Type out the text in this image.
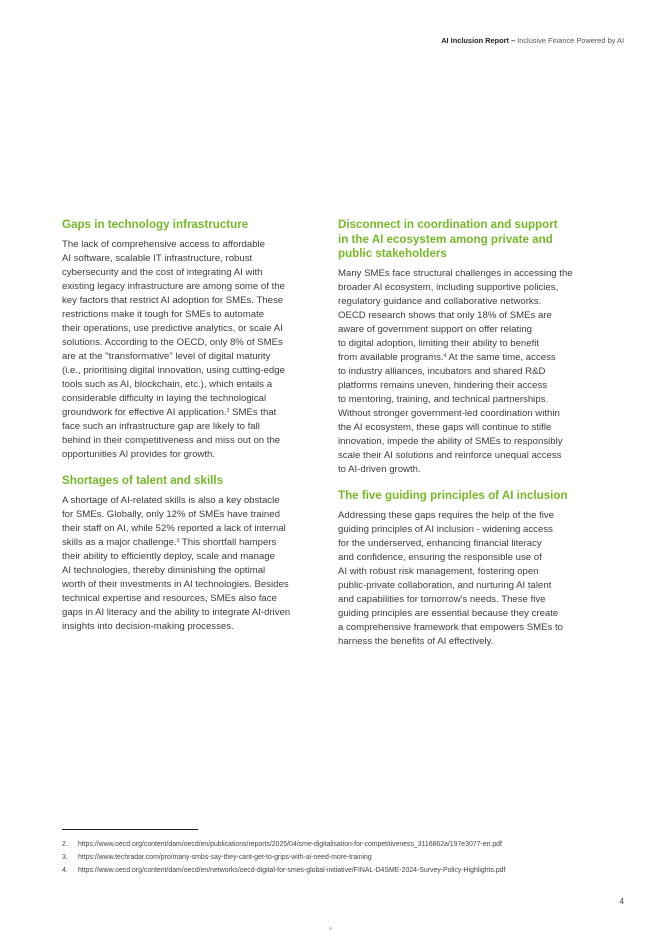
AI Inclusion Report – Inclusive Finance Powered by AI
Gaps in technology infrastructure

The lack of comprehensive access to affordable
AI software, scalable IT infrastructure, robust
cybersecurity and the cost of integrating AI with
existing legacy infrastructure are among some of the
key factors that restrict AI adoption for SMEs. These
restrictions make it tough for SMEs to automate
their operations, use predictive analytics, or scale AI
solutions. According to the OECD, only 8% of SMEs
are at the "transformative" level of digital maturity
(i.e., prioritising digital innovation, using cutting-edge
tools such as AI, blockchain, etc.), which entails a
considerable difficulty in laying the technological
groundwork for effective AI application.$^2$ SMEs that
face such an infrastructure gap are likely to fall
behind in their competitiveness and miss out on the
opportunities AI provides for growth.

Shortages of talent and skills

A shortage of AI-related skills is also a key obstacle
for SMEs. Globally, only 12% of SMEs have trained
their staff on AI, while 52% reported a lack of internal
skills as a major challenge.$^3$ This shortfall hampers
their ability to efficiently deploy, scale and manage
AI technologies, thereby diminishing the optimal
worth of their investments in AI technologies. Besides
technical expertise and resources, SMEs also face
gaps in AI literacy and the ability to integrate AI-driven
insights into decision-making processes.

Disconnect in coordination and support
in the AI ecosystem among private and
public stakeholders

Many SMEs face structural challenges in accessing the
broader AI ecosystem, including supportive policies,
regulatory guidance and collaborative networks.
OECD research shows that only 18% of SMEs are
aware of government support on offer relating
to digital adoption, limiting their ability to benefit
from available programs.$^4$ At the same time, access
to industry alliances, incubators and shared R&D
platforms remains uneven, hindering their access
to mentoring, training, and technical partnerships.
Without stronger government-led coordination within
the AI ecosystem, these gaps will continue to stifle
innovation, impede the ability of SMEs to responsibly
scale their AI solutions and reinforce unequal access
to AI-driven growth.

The five guiding principles of AI inclusion

Addressing these gaps requires the help of the five
guiding principles of AI inclusion - widening access
for the underserved, enhancing financial literacy
and confidence, ensuring the responsible use of
AI with robust risk management, fostering open
public-private collaboration, and nurturing AI talent
and capabilities for tomorrow's needs. These five
guiding principles are essential because they create
a comprehensive framework that empowers SMEs to
harness the benefits of AI effectively.

2. https://www.oecd.org/content/dam/oecd/en/publications/reports/2025/04/sme-digitalisation-for-competitiveness_3116862a/197e3077-en.pdf
3. https://www.techradar.com/pro/many-smbs-say-they-cant-get-to-grips-with-ai-need-more-training
4. https://www.oecd.org/content/dam/oecd/en/networks/oecd-digital-for-smes-global-initiative/FINAL-D4SME-2024-Survey-Policy-Highlights.pdf
4
